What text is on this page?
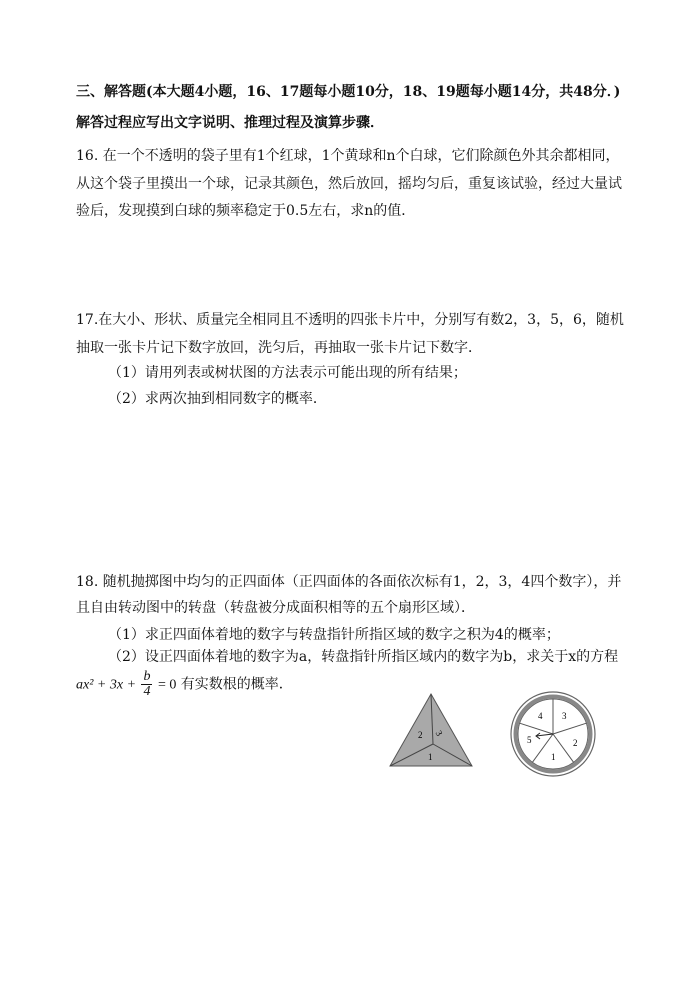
三、解答题(本大题4小题，16、17题每小题10分，18、19题每小题14分，共48分．)
解答过程应写出文字说明、推理过程及演算步骤．
16. 在一个不透明的袋子里有1个红球，1个黄球和n个白球，它们除颜色外其余都相同，
从这个袋子里摸出一个球，记录其颜色，然后放回，摇均匀后，重复该试验，经过大量试
验后，发现摸到白球的频率稳定于0.5左右，求n的值．
17.在大小、形状、质量完全相同且不透明的四张卡片中，分别写有数2，3，5，6，随机
抽取一张卡片记下数字放回，洗匀后，再抽取一张卡片记下数字．
（1）请用列表或树状图的方法表示可能出现的所有结果；
（2）求两次抽到相同数字的概率．
18. 随机抛掷图中均匀的正四面体（正四面体的各面依次标有1，2，3，4四个数字），并
且自由转动图中的转盘（转盘被分成面积相等的五个扇形区域）．
（1）求正四面体着地的数字与转盘指针所指区域的数字之积为4的概率；
（2）设正四面体着地的数字为a，转盘指针所指区域内的数字为b，求关于x的方程
$ax^2 + 3x + \frac{b}{4} = 0$ 有实数根的概率．
2 3
1
4 3
2
1
5
